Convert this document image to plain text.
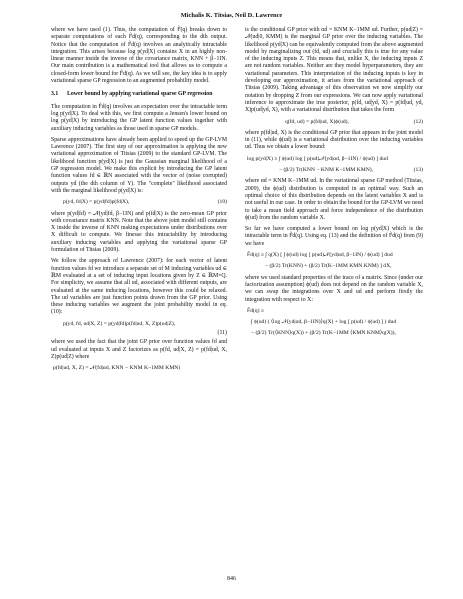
Michalis K. Titsias, Neil D. Lawrence

where we have used (1). Thus, the computation of F̃(q) breaks down to separate computations of each F̃d(q), corresponding to the dth output. Notice that the computation of F̃d(q) involves an analytically intractable integration. This arises because log p(yd|X) contains X in an highly non-linear manner inside the inverse of the covariance matrix, KNN + β−1IN. Our main contribution is a mathematical tool that allows us to compute a closed-form lower bound for F̃d(q). As we will see, the key idea is to apply variational sparse GP regression to an augmented probability model.

3.1 Lower bound by applying variational sparse GP regression

The computation in F̃d(q) involves an expectation over the intractable term log p(yd|X). To deal with this, we first compute a Jensen's lower bound on log p(yd|X) by introducing the GP latent function values together with auxiliary inducing variables as those used in sparse GP models.

Sparse approximations have already been applied to speed up the GP-LVM Lawrence (2007). The first step of our approximation is applying the new variational approximation of Titsias (2009) to the standard GP-LVM. The likelihood function p(yd|X) is just the Gaussian marginal likelihood of a GP regression model. We make this explicit by introducing the GP latent function values fd ∈ ℝN associated with the vector of (noise corrupted) outputs yd (the dth column of Y). The "complete" likelihood associated with the marginal likelihood p(yd|X) is:

p(yd, fd|X) = p(yd|fd)p(fd|X),	(10)

where p(yd|fd) = 𝒩(yd|fd, β−1IN) and p(fd|X) is the zero-mean GP prior with covariance matrix KNN. Note that the above joint model still contains X inside the inverse of KNN making expectations under distributions over X difficult to compute. We finesse this intractability by introducing auxiliary inducing variables and applying the variational sparse GP formulation of Titsias (2009).

We follow the approach of Lawrence (2007): for each vector of latent function values fd we introduce a separate set of M inducing variables ud ∈ ℝM evaluated at a set of inducing input locations given by Z ∈ ℝM×Q. For simplicity, we assume that all ud, associated with different outputs, are evaluated at the same inducing locations, however this could be relaxed. The ud variables are just function points drawn from the GP prior. Using these inducing variables we augment the joint probability model in eq. (10):

p(yd, fd, ud|X, Z) = p(yd|fd)p(fd|ud, X, Z)p(ud|Z),
(11)

where we used the fact that the joint GP prior over function values fd and ud evaluated at inputs X and Z factorizes as p(fd, ud|X, Z) = p(fd|ud, X, Z)p(ud|Z) where

p(fd|ud, X, Z) = 𝒩(fd|αd, KNN − KNM K−1MM KMN)

is the conditional GP prior with αd = KNM K−1MM ud. Further, p(ud|Z) = 𝒩(ud|0, KMM) is the marginal GP prior over the inducing variables. The likelihood p(yd|X) can be equivalently computed from the above augmented model by marginalizing out (fd, ud) and crucially this is true for any value of the inducing inputs Z. This means that, unlike X, the inducing inputs Z are not random variables. Neither are they model hyperparameters, they are variational parameters. This interpretation of the inducing inputs is key in developing our approximation, it arises from the variational approach of Titsias (2009). Taking advantage of this observation we now simplify our notation by dropping Z from our expressions. We can now apply variational inference to approximate the true posterior, p(fd, ud|yd, X) = p(fd|ud, yd, X)p(ud|yd, X), with a variational distribution that takes the form

q(fd, ud) = p(fd|ud, X)ϕ(ud),	(12)

where p(fd|ud, X) is the conditional GP prior that appears in the joint model in (11), while ϕ(ud) is a variational distribution over the inducing variables ud. Thus we obtain a lower bound:

log p(yd|X) ≥ ∫ ϕ(ud) log [ p(ud)𝒩(yd|αd, β−1IN) / ϕ(ud) ] dud
− (β/2) Tr(KNN − KNM K−1MM KMN),	(13)

where αd = KNM K−1MM ud. In the variational sparse GP method (Titsias, 2009), the ϕ(ud) distribution is computed in an optimal way. Such an optimal choice of this distribution depends on the latent variables X and is not useful in our case. In order to obtain the bound for the GP-LVM we need to take a mean field approach and force independence of the distribution ϕ(ud) from the random variable X.

So far we have computed a lower bound on log p(yd|X) which is the intractable term in F̃d(q). Using eq. (13) and the definition of F̃d(q) from (9) we have

F̃d(q) ≥ ∫ q(X) [ ∫ ϕ(ud) log [ p(ud)𝒩(yd|αd, β−1IN) / ϕ(ud) ] dud
− (β/2) Tr(KNN) + (β/2) Tr(K−1MM KMN KNM) ] dX,

where we used standard properties of the trace of a matrix. Since (under our factorization assumption) ϕ(ud) does not depend on the random variable X, we can swap the integrations over X and ud and perform firstly the integration with respect to X:

F̃d(q) ≥
∫ ϕ(ud) ( ⟨log 𝒩(yd|αd, β−1IN)⟩q(X) + log [ p(ud) / ϕ(ud) ] ) dud
− (β/2) Tr(⟨KNN⟩q(X)) + (β/2) Tr(K−1MM ⟨KMN KNM⟩q(X)),
846
